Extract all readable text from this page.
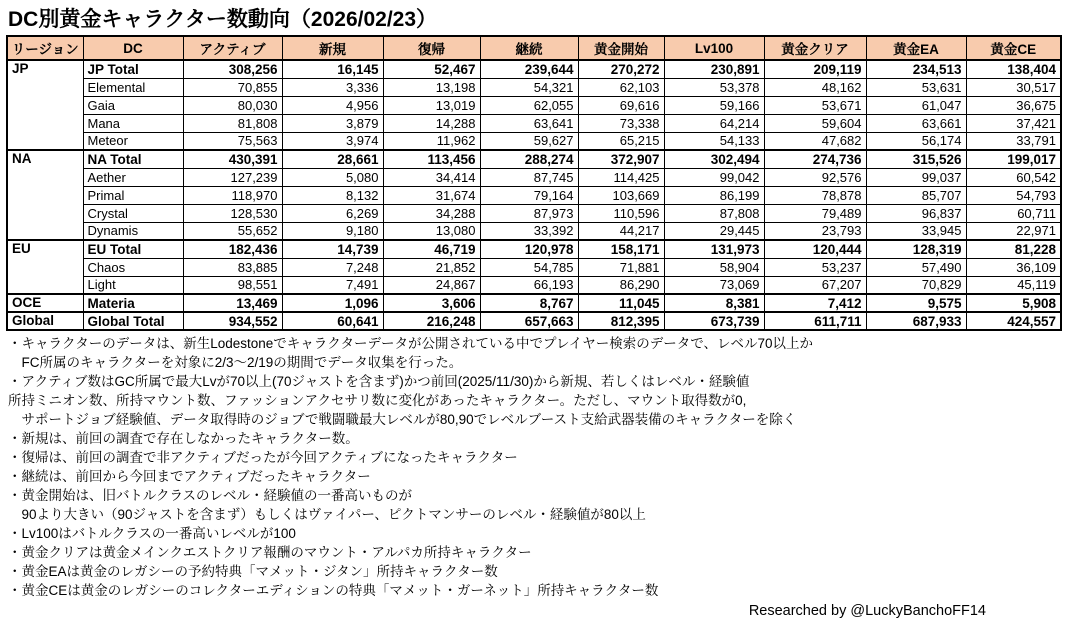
DC別黄金キャラクター数動向（2026/02/23）
リージョン	DC	アクティブ	新規	復帰	継続	黄金開始	Lv100	黄金クリア	黄金EA	黄金CE
JP	JP Total	308,256	16,145	52,467	239,644	270,272	230,891	209,119	234,513	138,404
	Elemental	70,855	3,336	13,198	54,321	62,103	53,378	48,162	53,631	30,517
	Gaia	80,030	4,956	13,019	62,055	69,616	59,166	53,671	61,047	36,675
	Mana	81,808	3,879	14,288	63,641	73,338	64,214	59,604	63,661	37,421
	Meteor	75,563	3,974	11,962	59,627	65,215	54,133	47,682	56,174	33,791
NA	NA Total	430,391	28,661	113,456	288,274	372,907	302,494	274,736	315,526	199,017
	Aether	127,239	5,080	34,414	87,745	114,425	99,042	92,576	99,037	60,542
	Primal	118,970	8,132	31,674	79,164	103,669	86,199	78,878	85,707	54,793
	Crystal	128,530	6,269	34,288	87,973	110,596	87,808	79,489	96,837	60,711
	Dynamis	55,652	9,180	13,080	33,392	44,217	29,445	23,793	33,945	22,971
EU	EU Total	182,436	14,739	46,719	120,978	158,171	131,973	120,444	128,319	81,228
	Chaos	83,885	7,248	21,852	54,785	71,881	58,904	53,237	57,490	36,109
	Light	98,551	7,491	24,867	66,193	86,290	73,069	67,207	70,829	45,119
OCE	Materia	13,469	1,096	3,606	8,767	11,045	8,381	7,412	9,575	5,908
Global	Global Total	934,552	60,641	216,248	657,663	812,395	673,739	611,711	687,933	424,557
・キャラクターのデータは、新生Lodestoneでキャラクターデータが公開されている中でプレイヤー検索のデータで、レベル70以上か
　FC所属のキャラクターを対象に2/3～2/19の期間でデータ収集を行った。
・アクティブ数はGC所属で最大Lvが70以上(70ジャストを含まず)かつ前回(2025/11/30)から新規、若しくはレベル・経験値
所持ミニオン数、所持マウント数、ファッションアクセサリ数に変化があったキャラクター。ただし、マウント取得数が0,
　サポートジョブ経験値、データ取得時のジョブで戦闘職最大レベルが80,90でレベルブースト支給武器装備のキャラクターを除く
・新規は、前回の調査で存在しなかったキャラクター数。
・復帰は、前回の調査で非アクティブだったが今回アクティブになったキャラクター
・継続は、前回から今回までアクティブだったキャラクター
・黄金開始は、旧バトルクラスのレベル・経験値の一番高いものが
　90より大きい（90ジャストを含まず）もしくはヴァイパー、ピクトマンサーのレベル・経験値が80以上
・Lv100はバトルクラスの一番高いレベルが100
・黄金クリアは黄金メインクエストクリア報酬のマウント・アルパカ所持キャラクター
・黄金EAは黄金のレガシーの予約特典「マメット・ジタン」所持キャラクター数
・黄金CEは黄金のレガシーのコレクターエディションの特典「マメット・ガーネット」所持キャラクター数
Researched by @LuckyBanchoFF14
